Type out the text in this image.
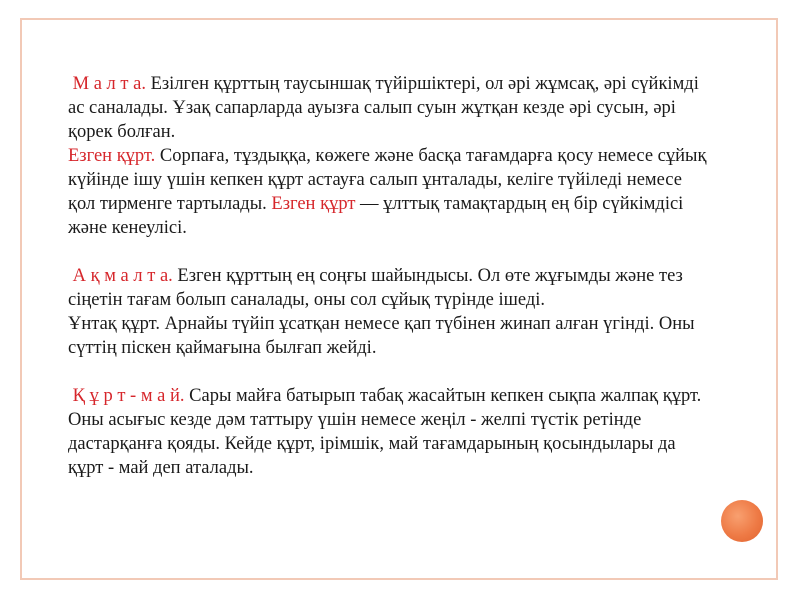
М а л т а. Езілген құрттың таусыншақ түйіршіктері, ол әрі жұмсақ, әрі сүйкімді ас саналады. Ұзақ сапарларда ауызға салып суын жұтқан кезде әрі сусын, әрі қорек болған.

Езген құрт. Сорпаға, тұздыққа, көжеге және басқа тағамдарға қосу немесе сұйық күйінде ішу үшін кепкен құрт астауға салып ұнталады, келіге түйіледі немесе қол тирменге тартылады. Езген құрт — ұлттық тамақтардың ең бір сүйкімдісі және кенеулісі.

А қ м а л т а. Езген құрттың ең соңғы шайындысы. Ол өте жұғымды және тез сіңетін тағам болып саналады, оны сол сұйық түрінде ішеді.

Ұнтақ құрт. Арнайы түйіп ұсатқан немесе қап түбінен жинап алған үгінді. Оны сүттің піскен қаймағына былғап жейді.

Қ ұ р т - м а й. Сары майға батырып табақ жасайтын кепкен сықпа жалпақ құрт. Оны асығыс кезде дәм таттыру үшін немесе жеңіл - желпі түстік ретінде дастарқанға қояды. Кейде құрт, ірімшік, май тағамдарының қосындылары да құрт - май деп аталады.
